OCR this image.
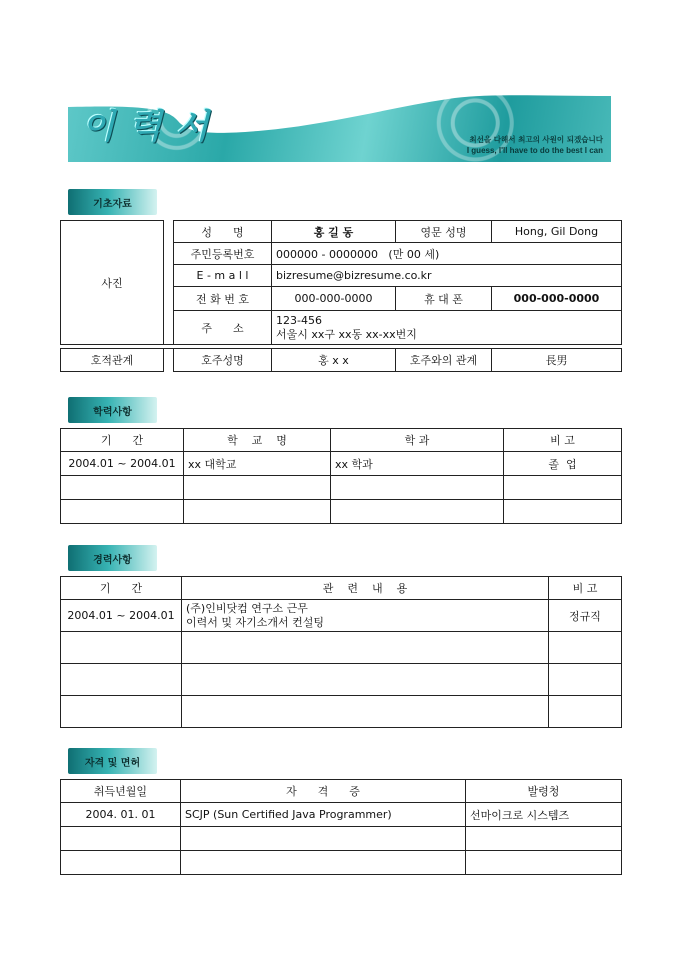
이력서	최선을 다해서 최고의 사원이 되겠습니다
I guess, I'll have to do the best I can
기초자료
사진		성      명	홍 길 동	영문 성명	Hong, Gil Dong
		주민등록번호	000000 - 0000000   (만 00 세)		
		E - m a l l	bizresume@bizresume.co.kr		
		전 화 번 호	000-000-0000	휴 대 폰	000-000-0000
		주      소	123-456
서울시 xx구 xx동 xx-xx번지		

호적관계		호주성명	홍 x x	호주와의 관계	長男
학력사항
기      간	학    교    명	학 과	비 고
2004.01 ~ 2004.01	xx 대학교	xx 학과	졸  업

경력사항
기      간	관    련    내    용	비 고
2004.01 ~ 2004.01	(주)인비닷컴 연구소 근무
이력서 및 자기소개서 컨설팅	정규직

자격 및 면허
취득년월일	자      격      증	발령청
2004. 01. 01	SCJP (Sun Certified Java Programmer)	선마이크로 시스템즈
